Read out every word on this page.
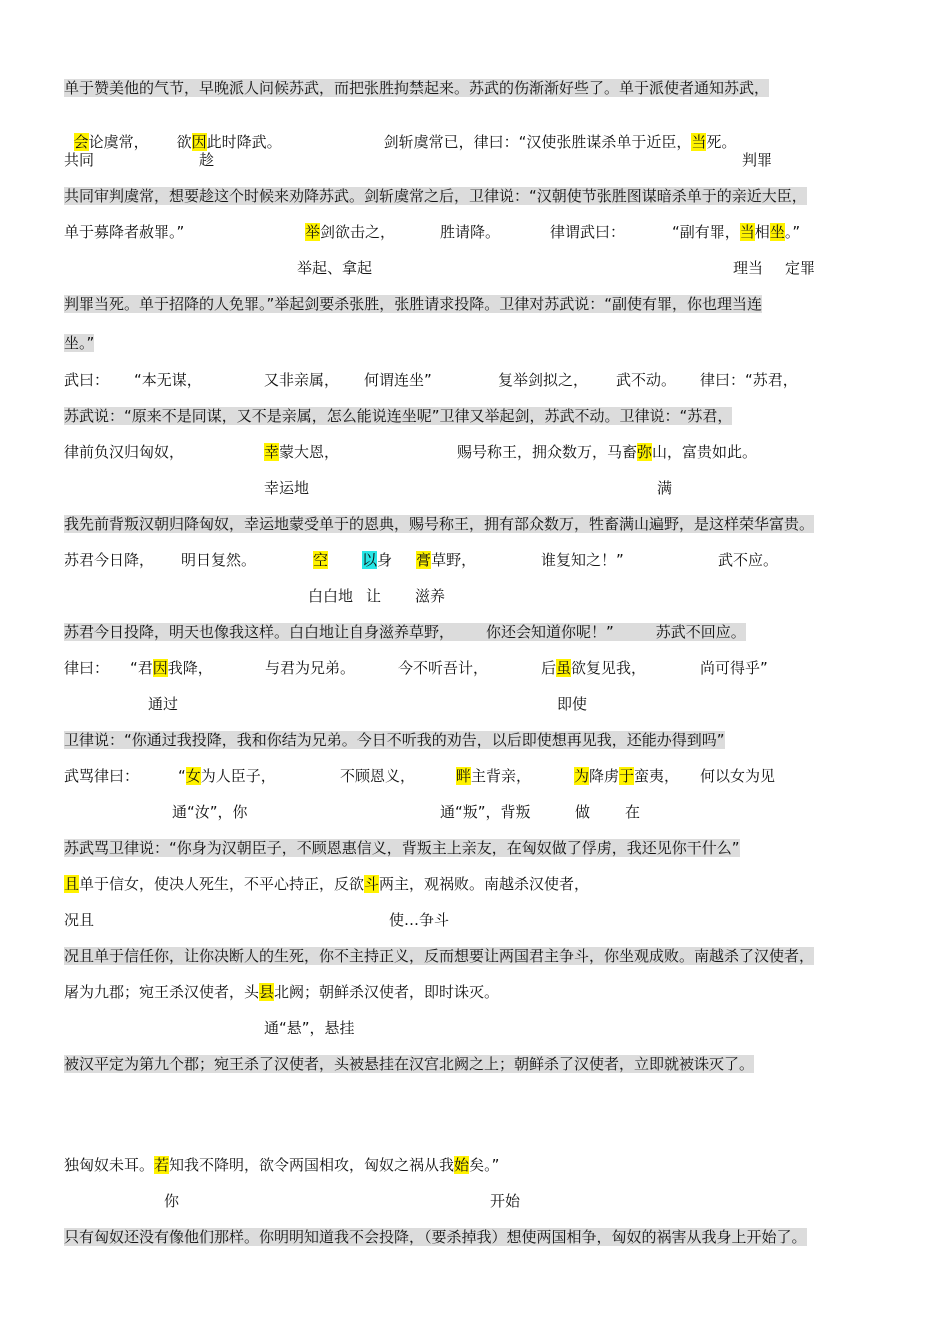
单于赞美他的气节，早晚派人问候苏武，而把张胜拘禁起来。苏武的伤渐渐好些了。单于派使者通知苏武，

会论虞常， 欲因此时降武。	剑斩虞常已，律曰：“汉使张胜谋杀单于近臣，当死。

共同	趁	判罪
共同审判虞常，想要趁这个时候来劝降苏武。剑斩虞常之后，卫律说：“汉朝使节张胜图谋暗杀单于的亲近大臣，
单于募降者赦罪。”	举剑欲击之，	胜请降。	律谓武曰：	“副有罪，当相坐。”
举起、拿起	理当 定罪
判罪当死。单于招降的人免罪。”举起剑要杀张胜，张胜请求投降。卫律对苏武说：“副使有罪，你也理当连
坐。”
武曰： “本无谋，	又非亲属， 何谓连坐”	复举剑拟之， 武不动。 律曰：“苏君，
苏武说：“原来不是同谋，又不是亲属，怎么能说连坐呢”卫律又举起剑，苏武不动。卫律说：“苏君，
律前负汉归匈奴，	幸蒙大恩，	赐号称王，拥众数万，马畜弥山，富贵如此。
幸运地	满
我先前背叛汉朝归降匈奴，幸运地蒙受单于的恩典，赐号称王，拥有部众数万，牲畜满山遍野，是这样荣华富贵。
苏君今日降， 明日复然。	空 以身 膏草野，	谁复知之！”	武不应。
白白地 让 滋养
苏君今日投降，明天也像我这样。白白地让自身滋养草野， 你还会知道你呢！”	苏武不回应。
律曰： “君因我降，	与君为兄弟。	今不听吾计，	后虽欲复见我，	尚可得乎”
通过	即使
卫律说：“你通过我投降，我和你结为兄弟。今日不听我的劝告，以后即使想再见我，还能办得到吗”
武骂律曰：	“女为人臣子，	不顾恩义，	畔主背亲，	为降虏于蛮夷， 何以女为见
通“汝”，你	通“叛”，背叛	做 在
苏武骂卫律说：“你身为汉朝臣子，不顾恩惠信义，背叛主上亲友，在匈奴做了俘虏，我还见你干什么”
且单于信女，使决人死生，不平心持正，反欲斗两主，观祸败。南越杀汉使者，
况且	使…争斗
况且单于信任你，让你决断人的生死，你不主持正义，反而想要让两国君主争斗，你坐观成败。南越杀了汉使者，
屠为九郡；宛王杀汉使者，头县北阙；朝鲜杀汉使者，即时诛灭。
通“悬”，悬挂
被汉平定为第九个郡；宛王杀了汉使者，头被悬挂在汉宫北阙之上；朝鲜杀了汉使者，立即就被诛灭了。
独匈奴未耳。若知我不降明，欲令两国相攻，匈奴之祸从我始矣。”
你	开始
只有匈奴还没有像他们那样。你明明知道我不会投降，（要杀掉我）想使两国相争，匈奴的祸害从我身上开始了。
